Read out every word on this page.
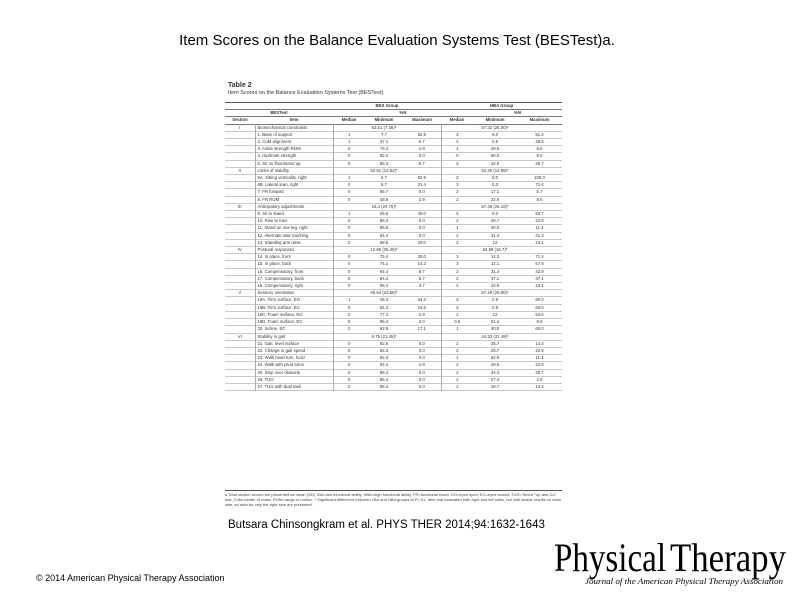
Item Scores on the Balance Evaluation Systems Test (BESTest)a.
Table 2
Item Scores on the Balance Evaluation Systems Test (BESTest)
		BES Group			HBA Group		
BESTest			%N			%N	
Section	Item	Median	Minimum	Maximum	Median	Minimum	Maximum
I	Biomechanical constraints		53.61 (7.35)*			57.32 (25.00)*	
	1. Base of support	1	7.7	82.9	3	0.0	91.4
	2. CoM alignment	1	37.1	5.7	2	2.9	48.5
	3. Ankle strength ROM	0	75.4	2.9	1	28.6	8.6
	4. Hip/trunk strength	0	82.2	0.0	0	60.0	8.6
	5. Sit on floor/stand up	0	85.3	5.7	3	42.9	25.7
II	Limits of stability		52.51 (12.92)*			54.29 (14.99)*	
	6A. Sitting verticality, right	1	5.7	82.9	3	0.0	100.0
	6B. Lateral lean, right	2	5.7	31.4	3	0.0	71.4
	7. FR forward	0	65.7	0.0	2	17.1	5.7
	8. FR ROM	0	48.6	2.9	2	22.9	8.6
III	Anticipatory adjustments		18.4 (20.75)*			57.46 (26.16)*	
	9. Sit to stand	1	25.6	40.0	3	0.0	83.7
	10. Rise to toes	0	85.3	0.0	2	25.7	22.9
	11. Stand on one leg, right	0	85.6	0.0	1	40.0	11.4
	12. Alternate stair touching	0	94.4	0.0	2	31.4	31.3
	13. Standing arm raise	0	68.6	20.0	3	12	24.1
IV	Postural responses		12.86 (25.46)*			62.58 (16.7)*	
	14. In place, front	0	75.4	20.0	3	14.3	71.4
	15. In place, back	0	74.1	14.3	3	12.1	67.9
	16. Compensatory, front	0	94.4	5.7	2	31.4	42.9
	17. Compensatory, back	0	94.4	5.7	2	37.1	37.1
	18. Compensatory, right	0	95.4	3.7	2	42.9	34.1
V	Sensory orientation		25.54 (23.58)*			67.29 (25.90)*	
	19A. Firm surface, EO	1	45.3	34.3	3	2.9	80.0
	19B. Firm surface, EC	0	54.3	15.5	3	2.9	60.0
	19C. Foam surface, EO	0	77.4	2.9	2	12	54.6
	19D. Foam surface, EC	0	95.4	0.0	0.5	51.4	8.6
	20. Incline, EC	0	62.9	17.1	1	20.0	60.0
VI	Stability in gait		6.75 (21.45)*			44.33 (31.49)*	
	21. Gait, level surface	0	82.5	0.0	2	25.7	14.3
	22. Change in gait speed	0	82.3	0.0	2	25.7	22.9
	23. Walk head turn, horiz	0	82.3	0.0	1	52.9	11.4
	24. Walk with pivot turns	0	94.4	2.9	2	28.6	22.9
	25. Step over obstacle	0	95.4	0.0	2	34.3	25.7
	26. TUG	0	95.4	0.0	2	27.4	2.9
	27. TUG with dual task	0	95.4	0.0	2	25.7	14.3
a Total section scores are presented as mean (SD). IBA=low functional ability, HBA=high functional ability, FR=functional reach, EO=eyes open, EC=eyes closed, TUG=Timed "Up and Go" test, CoM=center of mass, ROM=range of motion. * Significant difference between LBA and HBA groups at P<.01. Item that evaluated both right and left sides, but with similar results on each side, so data for only the right side are presented.
Butsara Chinsongkram et al. PHYS THER 2014;94:1632-1643
© 2014 American Physical Therapy Association	Physical Therapy
Journal of the American Physical Therapy Association
